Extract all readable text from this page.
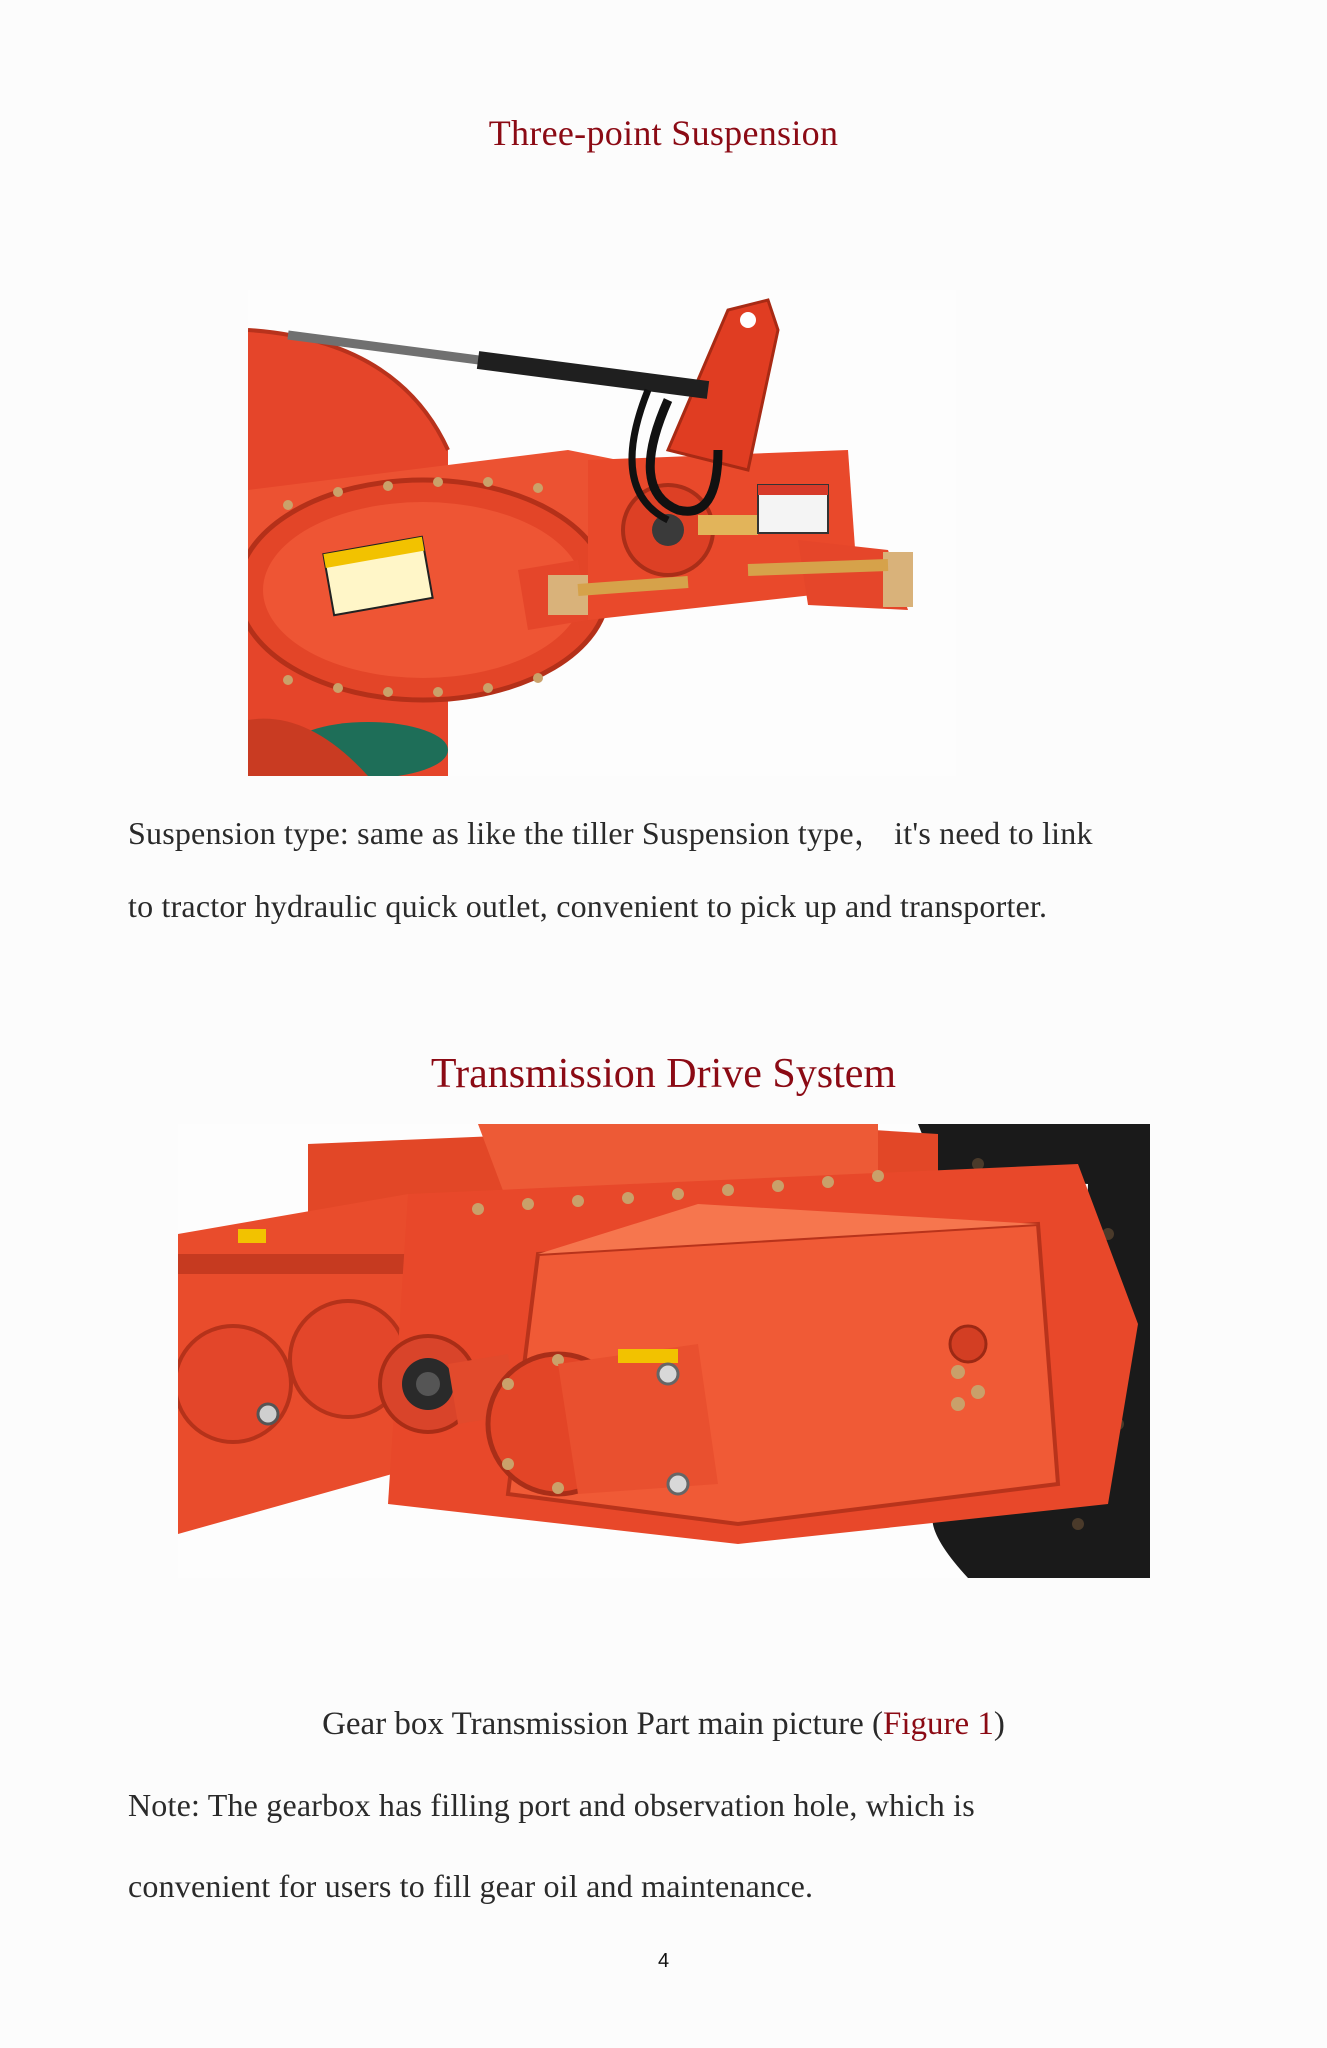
Three-point Suspension
Suspension type: same as like the tiller Suspension type， it's need to link
to tractor hydraulic quick outlet, convenient to pick up and transporter.
Transmission Drive System
Gear box Transmission Part main picture (Figure 1)
Note: The gearbox has filling port and observation hole, which is
convenient for users to fill gear oil and maintenance.
4
